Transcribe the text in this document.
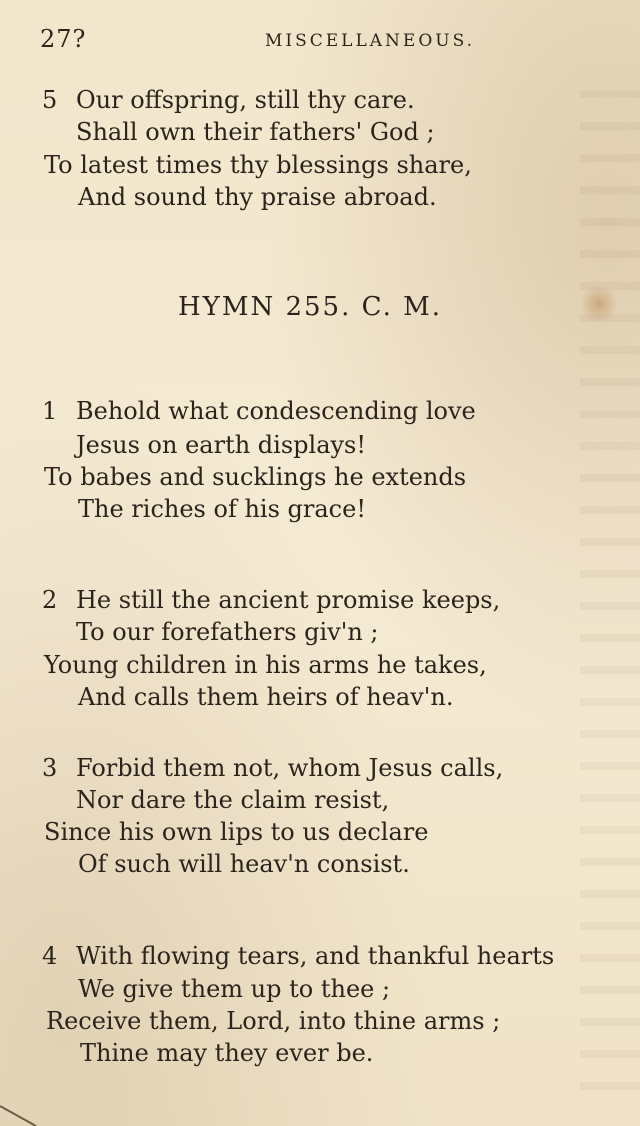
27?	MISCELLANEOUS.
5 Our offspring, still thy care.
Shall own their fathers' God ;
To latest times thy blessings share,
And sound thy praise abroad.
HYMN 255. C. M.
1 Behold what condescending love
Jesus on earth displays!
To babes and sucklings he extends
The riches of his grace!
2 He still the ancient promise keeps,
To our forefathers giv'n ;
Young children in his arms he takes,
And calls them heirs of heav'n.
3 Forbid them not, whom Jesus calls,
Nor dare the claim resist,
Since his own lips to us declare
Of such will heav'n consist.
4 With flowing tears, and thankful hearts
We give them up to thee ;
Receive them, Lord, into thine arms ;
Thine may they ever be.
